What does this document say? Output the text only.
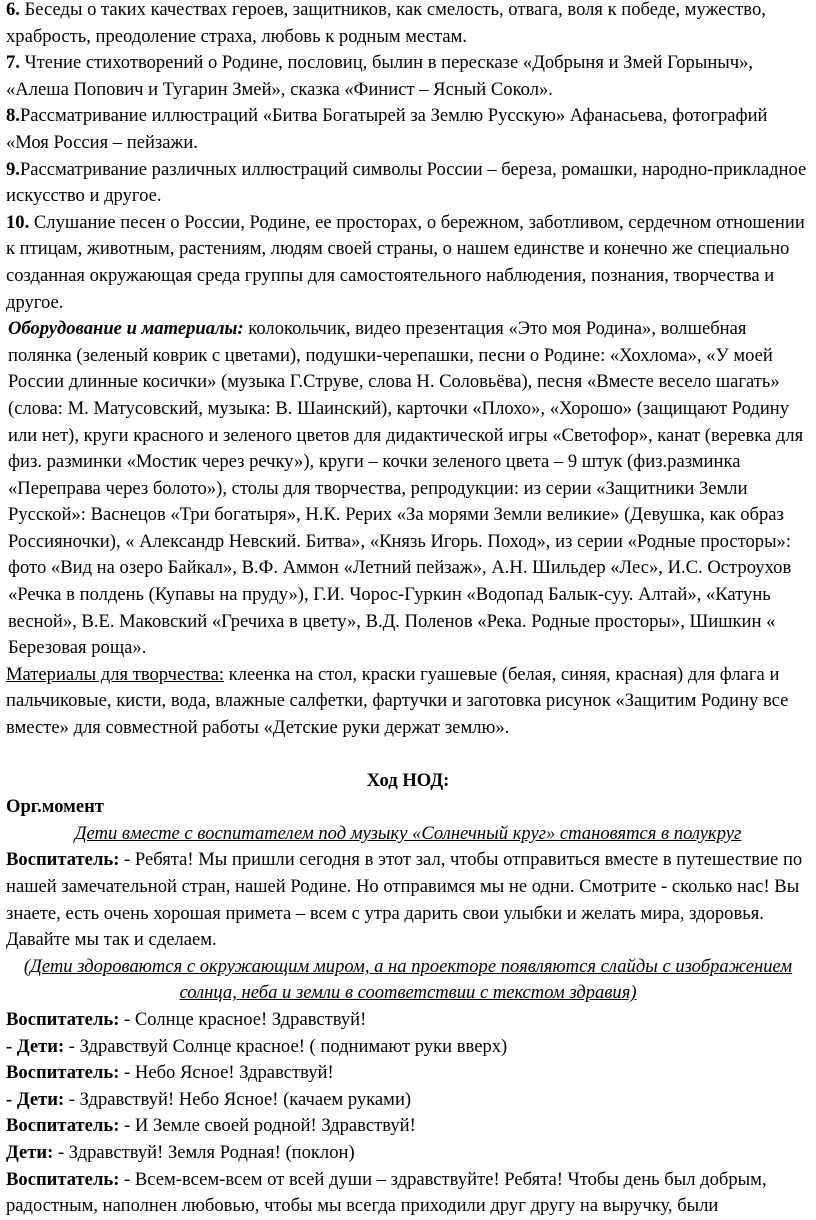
6. Беседы о таких качествах героев, защитников, как смелость, отвага, воля к победе, мужество, храбрость, преодоление страха, любовь к родным местам.

7. Чтение стихотворений о Родине, пословиц, былин в пересказе «Добрыня и Змей Горыныч», «Алеша Попович и Тугарин Змей», сказка «Финист – Ясный Сокол».

8.Рассматривание иллюстраций «Битва Богатырей за Землю Русскую» Афанасьева, фотографий «Моя Россия – пейзажи.

9.Рассматривание различных иллюстраций символы России – береза, ромашки, народно-прикладное искусство и другое.

10. Слушание песен о России, Родине, ее просторах, о бережном, заботливом, сердечном отношении к птицам, животным, растениям, людям своей страны, о нашем единстве и конечно же специально созданная окружающая среда группы для самостоятельного наблюдения, познания, творчества и другое.

Оборудование и материалы: колокольчик, видео презентация «Это моя Родина», волшебная полянка (зеленый коврик с цветами), подушки-черепашки, песни о Родине: «Хохлома», «У моей России длинные косички» (музыка Г.Струве, слова Н. Соловьёва), песня «Вместе весело шагать» (слова: М. Матусовский, музыка: В. Шаинский), карточки «Плохо», «Хорошо» (защищают Родину или нет), круги красного и зеленого цветов для дидактической игры «Светофор», канат (веревка для физ. разминки «Мостик через речку»), круги – кочки зеленого цвета – 9 штук (физ.разминка «Переправа через болото»), столы для творчества, репродукции: из серии «Защитники Земли Русской»: Васнецов «Три богатыря», Н.К. Рерих «За морями Земли великие» (Девушка, как образ Россияночки), « Александр Невский. Битва», «Князь Игорь. Поход», из серии «Родные просторы»: фото «Вид на озеро Байкал», В.Ф. Аммон «Летний пейзаж», А.Н. Шильдер «Лес», И.С. Остроухов «Речка в полдень (Купавы на пруду»), Г.И. Чорос-Гуркин «Водопад Балык-суу. Алтай», «Катунь весной», В.Е. Маковский «Гречиха в цвету», В.Д. Поленов «Река. Родные просторы», Шишкин « Березовая роща».

Материалы для творчества: клеенка на стол, краски гуашевые (белая, синяя, красная) для флага и пальчиковые, кисти, вода, влажные салфетки, фартучки и заготовка рисунок «Защитим Родину все вместе» для совместной работы «Детские руки держат землю».

Ход НОД:

Орг.момент

Дети вместе с воспитателем под музыку «Солнечный круг» становятся в полукруг

Воспитатель: - Ребята! Мы пришли сегодня в этот зал, чтобы отправиться вместе в путешествие по нашей замечательной стран, нашей Родине. Но отправимся мы не одни. Смотрите - сколько нас! Вы знаете, есть очень хорошая примета – всем с утра дарить свои улыбки и желать мира, здоровья. Давайте мы так и сделаем.

(Дети здороваются с окружающим миром, а на проекторе появляются слайды с изображением солнца, неба и земли в соответствии с текстом здравия)

Воспитатель: - Солнце красное! Здравствуй!

- Дети: - Здравствуй Солнце красное! ( поднимают руки вверх)

Воспитатель: - Небо Ясное! Здравствуй!

- Дети: - Здравствуй! Небо Ясное! (качаем руками)

Воспитатель: - И Земле своей родной! Здравствуй!

Дети: - Здравствуй! Земля Родная! (поклон)

Воспитатель: - Всем-всем-всем от всей души – здравствуйте! Ребята! Чтобы день был добрым, радостным, наполнен любовью, чтобы мы всегда приходили друг другу на выручку, были
